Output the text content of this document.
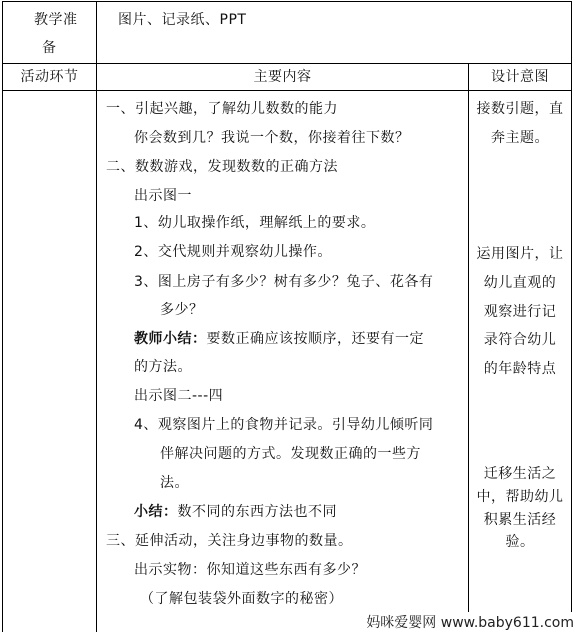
教学准
备
图片、记录纸、PPT
活动环节	主要内容	设计意图
一、引起兴趣，了解幼儿数数的能力
你会数到几？我说一个数，你接着往下数？
二、数数游戏，发现数数的正确方法
出示图一
1、幼儿取操作纸，理解纸上的要求。
2、交代规则并观察幼儿操作。
3、图上房子有多少？树有多少？兔子、花各有
多少？
教师小结：要数正确应该按顺序，还要有一定
的方法。
出示图二---四
4、观察图片上的食物并记录。引导幼儿倾听同
伴解决问题的方式。发现数正确的一些方
法。
小结：数不同的东西方法也不同
三、延伸活动，关注身边事物的数量。
出示实物：你知道这些东西有多少？
（了解包装袋外面数字的秘密）
接数引题，直
奔主题。
运用图片，让
幼儿直观的
观察进行记
录符合幼儿
的年龄特点
迁移生活之
中，帮助幼儿
积累生活经
验。
妈咪爱婴网 www.baby611.com
